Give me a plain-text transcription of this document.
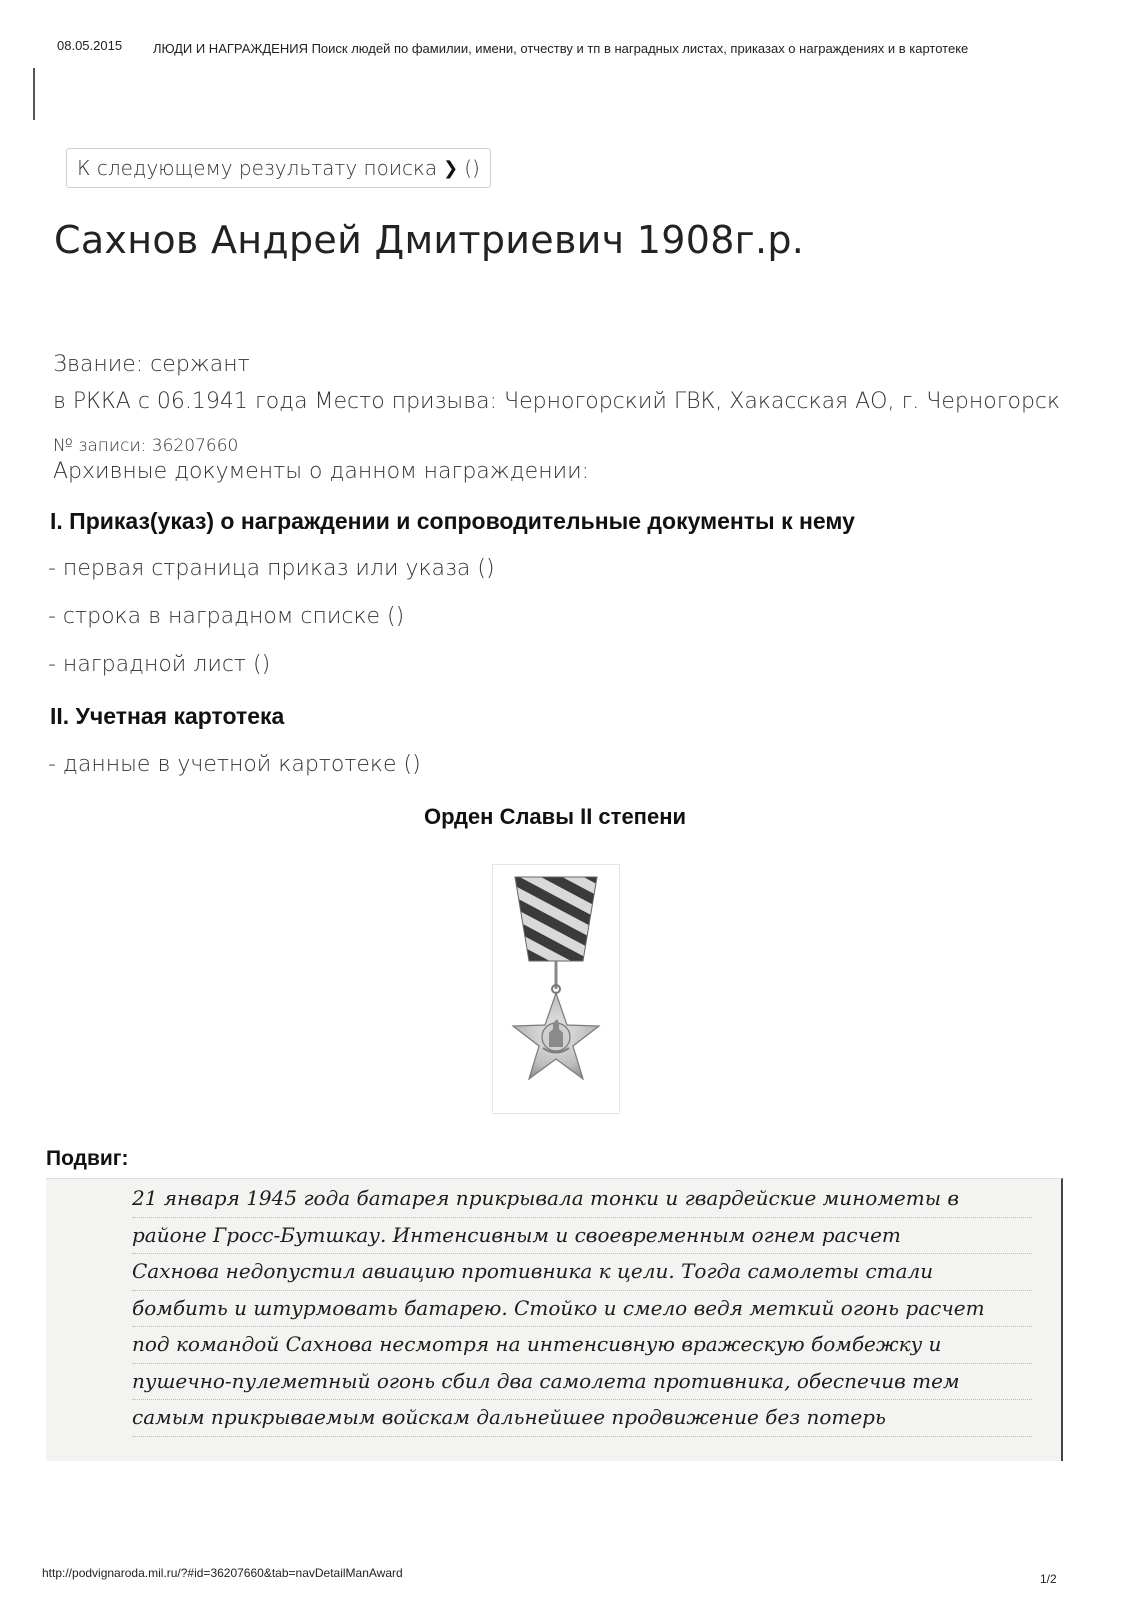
08.05.2015 ЛЮДИ И НАГРАЖДЕНИЯ Поиск людей по фамилии, имени, отчеству и тп в наградных листах, приказах о награждениях и в картотеке
К следующему результату поиска ❯ ()
Сахнов Андрей Дмитриевич 1908г.р.
Звание: сержант
в РККА с 06.1941 года Место призыва: Черногорский ГВК, Хакасская АО, г. Черногорск
№ записи: 36207660
Архивные документы о данном награждении:
I. Приказ(указ) о награждении и сопроводительные документы к нему
- первая страница приказ или указа ()
- строка в наградном списке ()
- наградной лист ()
II. Учетная картотека
- данные в учетной картотеке ()
Орден Славы II степени
Подвиг:

21 января 1945 года батарея прикрывала тонки и гвардейские минометы в
районе Гросс-Бутшкау. Интенсивным и своевременным огнем расчет
Сахнова недопустил авиацию противника к цели. Тогда самолеты стали
бомбить и штурмовать батарею. Стойко и смело ведя меткий огонь расчет
под командой Сахнова несмотря на интенсивную вражескую бомбежку и
пушечно-пулеметный огонь сбил два самолета противника, обеспечив тем
самым прикрываемым войскам дальнейшее продвижение без потерь

http://podvignaroda.mil.ru/?#id=36207660&tab=navDetailManAward	1/2
